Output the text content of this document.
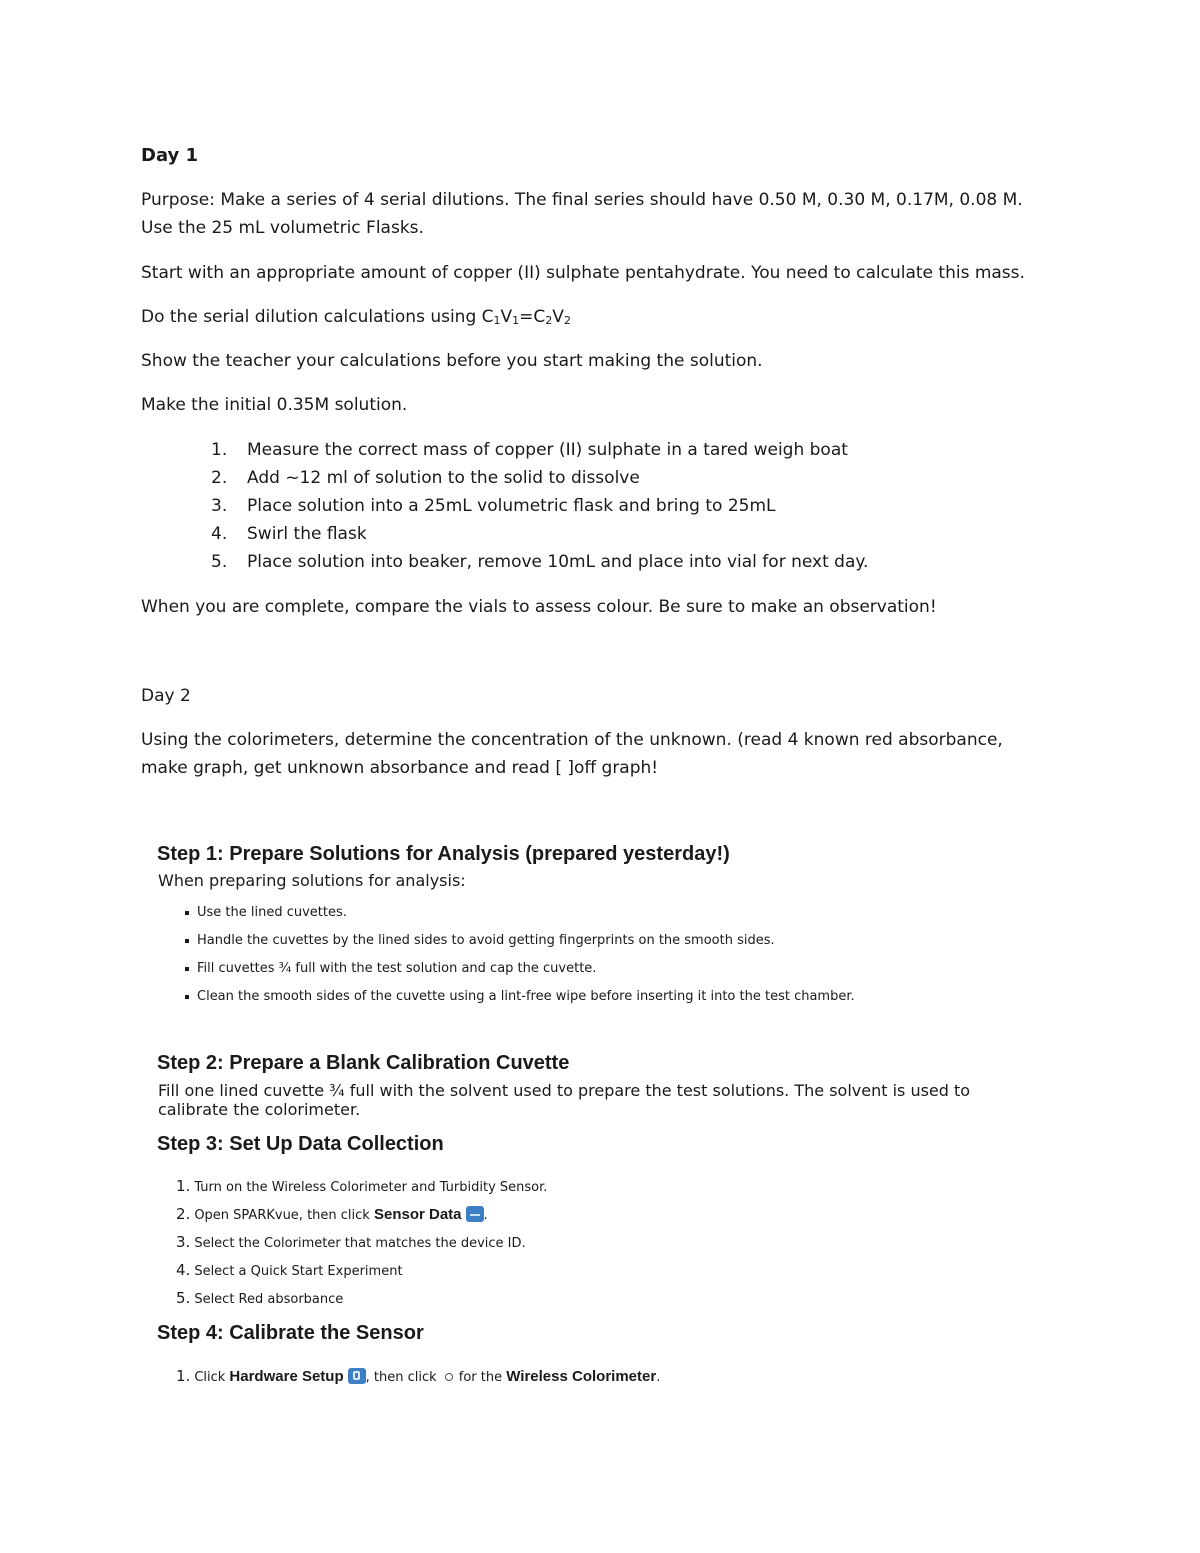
Day 1
Purpose: Make a series of 4 serial dilutions. The final series should have 0.50 M, 0.30 M, 0.17M, 0.08 M.
Use the 25 mL volumetric Flasks.
Start with an appropriate amount of copper (II) sulphate pentahydrate. You need to calculate this mass.
Do the serial dilution calculations using $C_1V_1=C_2V_2$
Show the teacher your calculations before you start making the solution.
Make the initial 0.35M solution.
1. Measure the correct mass of copper (II) sulphate in a tared weigh boat
2. Add ~12 ml of solution to the solid to dissolve
3. Place solution into a 25mL volumetric flask and bring to 25mL
4. Swirl the flask
5. Place solution into beaker, remove 10mL and place into vial for next day.
When you are complete, compare the vials to assess colour. Be sure to make an observation!
Day 2
Using the colorimeters, determine the concentration of the unknown. (read 4 known red absorbance,
make graph, get unknown absorbance and read [ ]off graph!
Step 1: Prepare Solutions for Analysis (prepared yesterday!)
When preparing solutions for analysis:
Use the lined cuvettes.
Handle the cuvettes by the lined sides to avoid getting fingerprints on the smooth sides.
Fill cuvettes ¾ full with the test solution and cap the cuvette.
Clean the smooth sides of the cuvette using a lint-free wipe before inserting it into the test chamber.
Step 2: Prepare a Blank Calibration Cuvette
Fill one lined cuvette ¾ full with the solvent used to prepare the test solutions. The solvent is used to
calibrate the colorimeter.
Step 3: Set Up Data Collection
1. Turn on the Wireless Colorimeter and Turbidity Sensor.
2. Open SPARKvue, then click Sensor Data .
3. Select the Colorimeter that matches the device ID.
4. Select a Quick Start Experiment
5. Select Red absorbance
Step 4: Calibrate the Sensor
1. Click Hardware Setup , then click for the Wireless Colorimeter.
